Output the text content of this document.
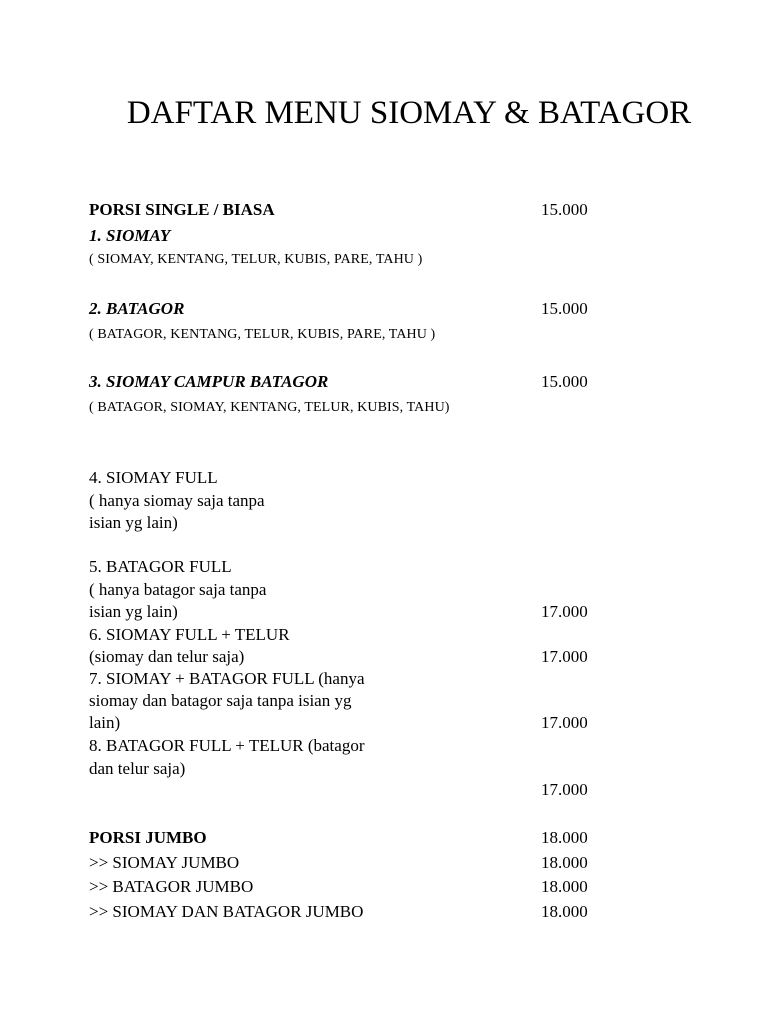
DAFTAR MENU SIOMAY & BATAGOR
PORSI SINGLE / BIASA	15.000
1. SIOMAY
( SIOMAY, KENTANG, TELUR, KUBIS, PARE, TAHU )
2. BATAGOR	15.000
( BATAGOR, KENTANG, TELUR, KUBIS, PARE, TAHU )
3. SIOMAY CAMPUR BATAGOR	15.000
( BATAGOR, SIOMAY, KENTANG, TELUR, KUBIS, TAHU)
4. SIOMAY FULL
( hanya siomay saja tanpa
isian yg lain)
5. BATAGOR FULL
( hanya batagor saja tanpa
isian yg lain)	17.000
6. SIOMAY FULL + TELUR
(siomay dan telur saja)	17.000
7. SIOMAY + BATAGOR FULL (hanya
siomay dan batagor saja tanpa isian yg
lain)	17.000
8. BATAGOR FULL + TELUR (batagor
dan telur saja)
17.000
PORSI JUMBO	18.000
>> SIOMAY JUMBO	18.000
>> BATAGOR JUMBO	18.000
>> SIOMAY DAN BATAGOR JUMBO	18.000
